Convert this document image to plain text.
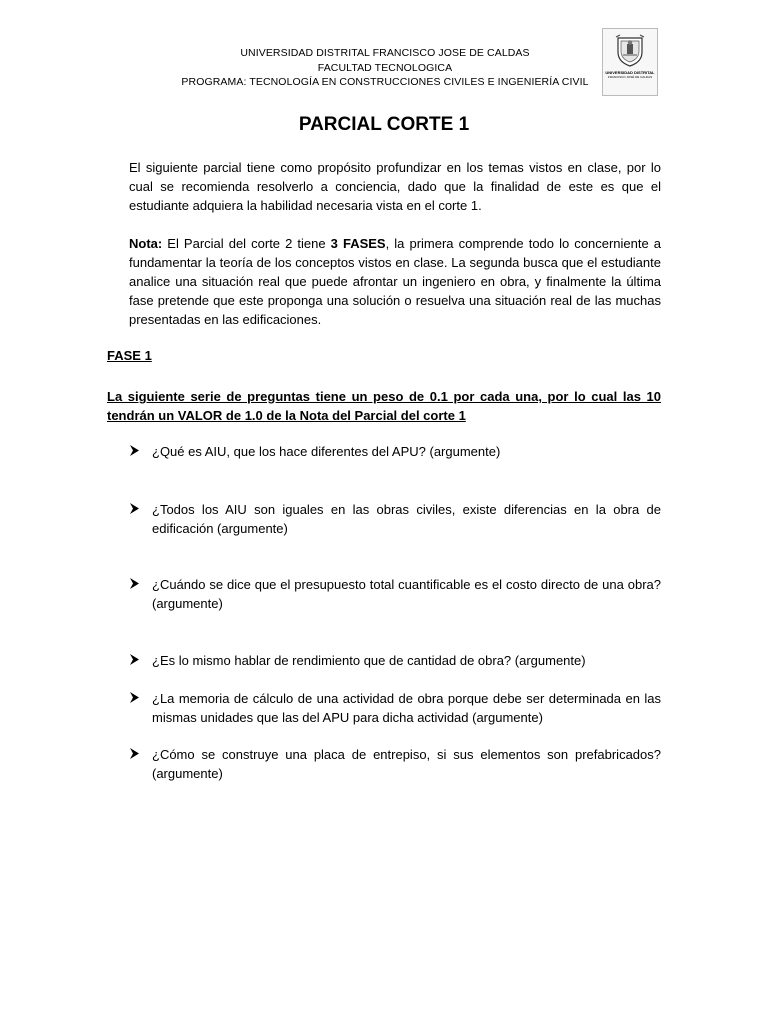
UNIVERSIDAD DISTRITAL FRANCISCO JOSE DE CALDAS
FACULTAD TECNOLOGICA
PROGRAMA: TECNOLOGÍA EN CONSTRUCCIONES CIVILES E INGENIERÍA CIVIL
UNIVERSIDAD DISTRITAL
FRANCISCO JOSÉ DE CALDAS
PARCIAL CORTE 1

El siguiente parcial tiene como propósito profundizar en los temas vistos en clase, por lo cual se recomienda resolverlo a conciencia, dado que la finalidad de este es que el estudiante adquiera la habilidad necesaria vista en el corte 1.

Nota: El Parcial del corte 2 tiene 3 FASES, la primera comprende todo lo concerniente a fundamentar la teoría de los conceptos vistos en clase. La segunda busca que el estudiante analice una situación real que puede afrontar un ingeniero en obra, y finalmente la última fase pretende que este proponga una solución o resuelva una situación real de las muchas presentadas en las edificaciones.

FASE 1

La siguiente serie de preguntas tiene un peso de 0.1 por cada una, por lo cual las 10 tendrán un VALOR de 1.0 de la Nota del Parcial del corte 1

¿Qué es AIU, que los hace diferentes del APU? (argumente)
¿Todos los AIU son iguales en las obras civiles, existe diferencias en la obra de edificación (argumente)
¿Cuándo se dice que el presupuesto total cuantificable es el costo directo de una obra? (argumente)
¿Es lo mismo hablar de rendimiento que de cantidad de obra? (argumente)
¿La memoria de cálculo de una actividad de obra porque debe ser determinada en las mismas unidades que las del APU para dicha actividad (argumente)
¿Cómo se construye una placa de entrepiso, si sus elementos son prefabricados? (argumente)
